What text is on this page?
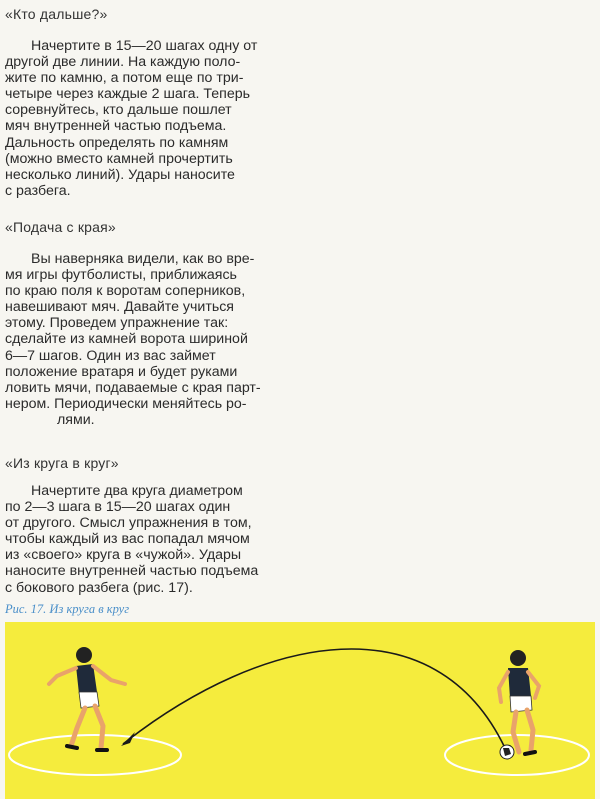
«Кто дальше?»

Начертите в 15—20 шагах одну от

другой две линии. На каждую поло-

жите по камню, а потом еще по три-

четыре через каждые 2 шага. Теперь

соревнуйтесь, кто дальше пошлет

мяч внутренней частью подъема.

Дальность определять по камням

(можно вместо камней прочертить

несколько линий). Удары наносите

с разбега.

«Подача с края»

Вы наверняка видели, как во вре-

мя игры футболисты, приближаясь

по краю поля к воротам соперников,

навешивают мяч. Давайте учиться

этому. Проведем упражнение так:

сделайте из камней ворота шириной

6—7 шагов. Один из вас займет

положение вратаря и будет руками

ловить мячи, подаваемые с края парт-

нером. Периодически меняйтесь ро-

лями.

«Из круга в круг»

Начертите два круга диаметром

по 2—3 шага в 15—20 шагах один

от другого. Смысл упражнения в том,

чтобы каждый из вас попадал мячом

из «своего» круга в «чужой». Удары

наносите внутренней частью подъема

с бокового разбега (рис. 17).

Рис. 17. Из круга в круг
